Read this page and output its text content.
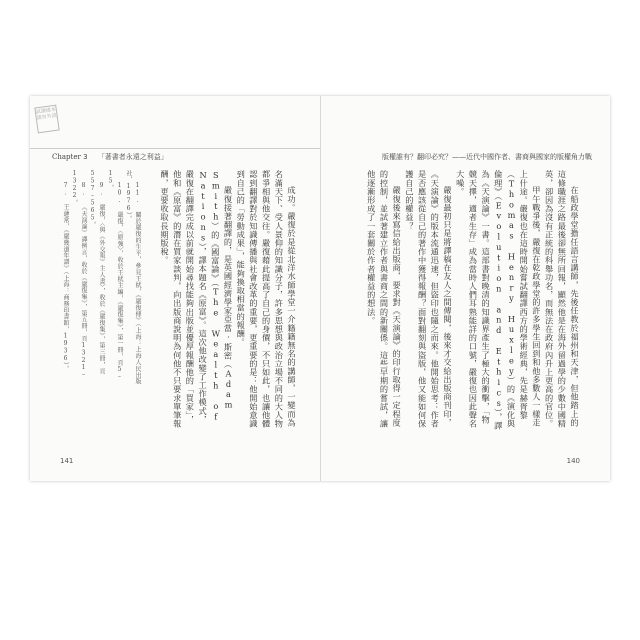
試讀樣本 請勿外流
Chapter 3 「著書者永遠之利益」

成功。嚴復於是從北洋水師學堂一介籍籍無名的講師，一變而為名滿天下、受人景仰的知識分子，許多思想與政治立場不同的大人物都爭相與他交往。嚴復藉此提高了自己的身價，不只如此，也讓他體認到翻譯對於知識傳播與社會改革的重要，更重要的是：他開始意識到自己的「勞動成果」，能夠換取相當的報酬。

嚴復接著翻譯的，是英國經濟學家亞當·斯密（Adam Smith）的《國富論》（The Wealth of Nations），譯本題名《原富》。這次他改變了工作模式，嚴復在翻譯完成以前就開始尋找能夠出版並優厚報酬他的「買家」，他和《原富》的潛在買家談判，向出版商說明為何他不只要求單筆報酬，更要收取長期版稅。

11. 關於嚴復的生平，參見王栻，《嚴復傳》（上海：上海人民出版社，1976）。

10. 嚴復，〈原強〉，收於王栻主編，《嚴復集》，第一冊，頁5–15。

9. 嚴復，〈與《外交報》主人書〉，收於《嚴復集》，第三冊，頁557–565。

8. 《天演論》譯例言，收於《嚴復集》，第五冊，頁1321–1322。

7. 王蘧常，《嚴幾道年譜》（上海：商務印書館，1936）。

141
版權誰有？翻印必究？——近代中國作者、書商與國家的版權角力戰

在船政學堂擔任語言講師，先後任教於福州和天津，但他踏上的這條職涯之路最後卻無所回報，顯然他是在海外留過學的少數中國精英，卻因為沒有正統的科舉功名，而無法在政府內升上更高的官位。

甲午戰爭後，嚴復在乾政學堂的許多學生回到和他多數人一樣走上什途。嚴復也在這時開始嘗試翻譯西方的學術經典，先是赫胥黎（Thomas Henry Huxley）的《演化與倫理》（Evolution and Ethics），譯為《天演論》一書。這部書對晚清的知識界產生了極大的衝擊，「物競天擇，適者生存」成為當時人們耳熟能詳的口號，嚴復也因此聲名大噪。

嚴復最初只是將譯稿在友人之間傳閱，後來才交給出版商刊印，《天演論》的版本流通迅速，但盜印也隨之而來。他開始思考：作者是否應該從自己的著作中獲得報酬？面對翻刻與盜版，他又能如何保護自己的權益？

嚴復後來寫信給出版商，要求對《天演論》的印行取得一定程度的控制，並試著建立作者與書商之間的新關係。這些早期的嘗試，讓他逐漸形成了一套關於作者權益的想法。

140
